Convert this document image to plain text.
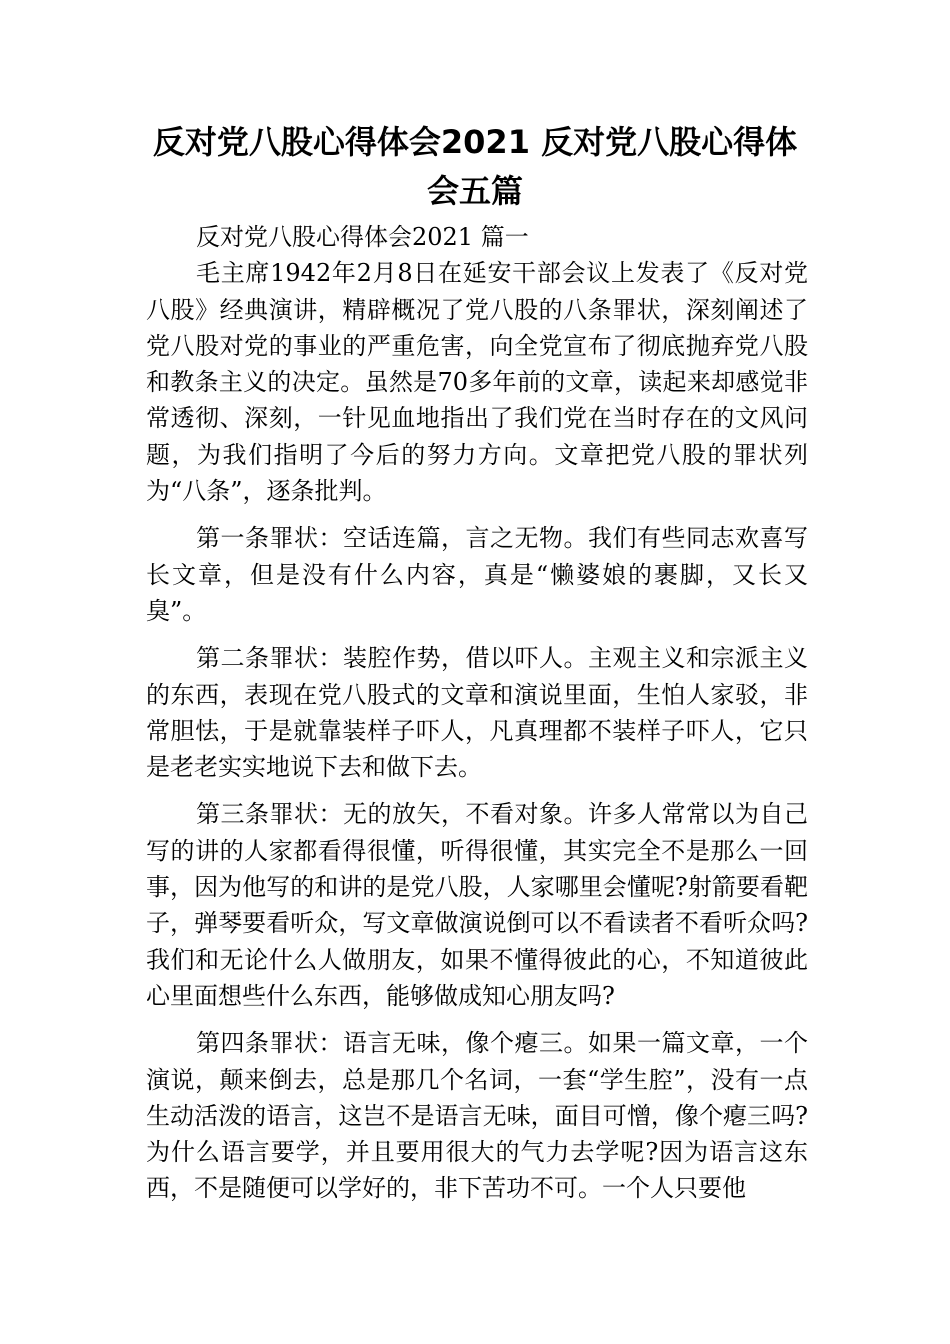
反对党八股心得体会2021 反对党八股心得体会五篇

反对党八股心得体会2021 篇一

毛主席1942年2月8日在延安干部会议上发表了《反对党八股》经典演讲，精辟概况了党八股的八条罪状，深刻阐述了党八股对党的事业的严重危害，向全党宣布了彻底抛弃党八股和教条主义的决定。虽然是70多年前的文章，读起来却感觉非常透彻、深刻，一针见血地指出了我们党在当时存在的文风问题，为我们指明了今后的努力方向。文章把党八股的罪状列为“八条”，逐条批判。

第一条罪状：空话连篇，言之无物。我们有些同志欢喜写长文章，但是没有什么内容，真是“懒婆娘的裹脚，又长又臭”。

第二条罪状：装腔作势，借以吓人。主观主义和宗派主义的东西，表现在党八股式的文章和演说里面，生怕人家驳，非常胆怯，于是就靠装样子吓人，凡真理都不装样子吓人，它只是老老实实地说下去和做下去。

第三条罪状：无的放矢，不看对象。许多人常常以为自己写的讲的人家都看得很懂，听得很懂，其实完全不是那么一回事，因为他写的和讲的是党八股，人家哪里会懂呢?射箭要看靶子，弹琴要看听众，写文章做演说倒可以不看读者不看听众吗?我们和无论什么人做朋友，如果不懂得彼此的心，不知道彼此心里面想些什么东西，能够做成知心朋友吗?

第四条罪状：语言无味，像个瘪三。如果一篇文章，一个演说，颠来倒去，总是那几个名词，一套“学生腔”，没有一点生动活泼的语言，这岂不是语言无味，面目可憎，像个瘪三吗?为什么语言要学，并且要用很大的气力去学呢?因为语言这东西，不是随便可以学好的，非下苦功不可。一个人只要他
